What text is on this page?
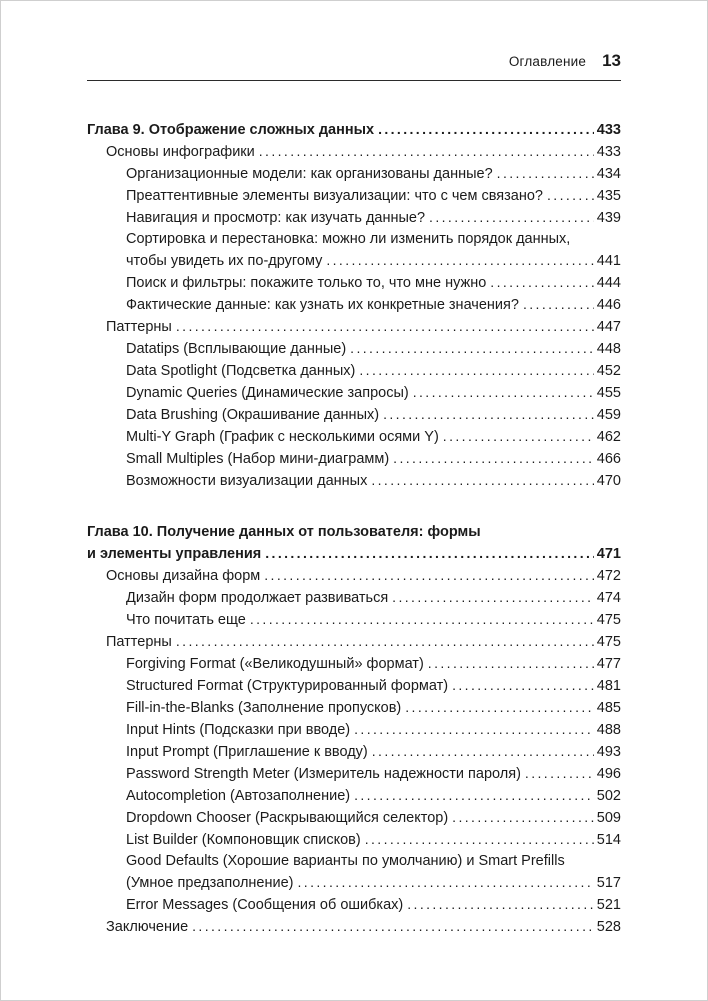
Оглавление 13
Глава 9. Отображение сложных данных .....	433
Основы инфографики .....	433
Организационные модели: как организованы данные? .....	434
Преаттентивные элементы визуализации: что с чем связано? .....	435
Навигация и просмотр: как изучать данные? .....	439
Сортировка и перестановка: можно ли изменить порядок данных,
чтобы увидеть их по-другому .....	441
Поиск и фильтры: покажите только то, что мне нужно .....	444
Фактические данные: как узнать их конкретные значения? .....	446
Паттерны .....	447
Datatips (Всплывающие данные) .....	448
Data Spotlight (Подсветка данных) .....	452
Dynamic Queries (Динамические запросы) .....	455
Data Brushing (Окрашивание данных) .....	459
Multi-Y Graph (График с несколькими осями Y) .....	462
Small Multiples (Набор мини-диаграмм) .....	466
Возможности визуализации данных .....	470
Глава 10. Получение данных от пользователя: формы
и элементы управления .....	471
Основы дизайна форм .....	472
Дизайн форм продолжает развиваться .....	474
Что почитать еще .....	475
Паттерны .....	475
Forgiving Format («Великодушный» формат) .....	477
Structured Format (Структурированный формат) .....	481
Fill-in-the-Blanks (Заполнение пропусков) .....	485
Input Hints (Подсказки при вводе) .....	488
Input Prompt (Приглашение к вводу) .....	493
Password Strength Meter (Измеритель надежности пароля) .....	496
Autocompletion (Автозаполнение) .....	502
Dropdown Chooser (Раскрывающийся селектор) .....	509
List Builder (Компоновщик списков) .....	514
Good Defaults (Хорошие варианты по умолчанию) и Smart Prefills
(Умное предзаполнение) .....	517
Error Messages (Сообщения об ошибках) .....	521
Заключение .....	528
